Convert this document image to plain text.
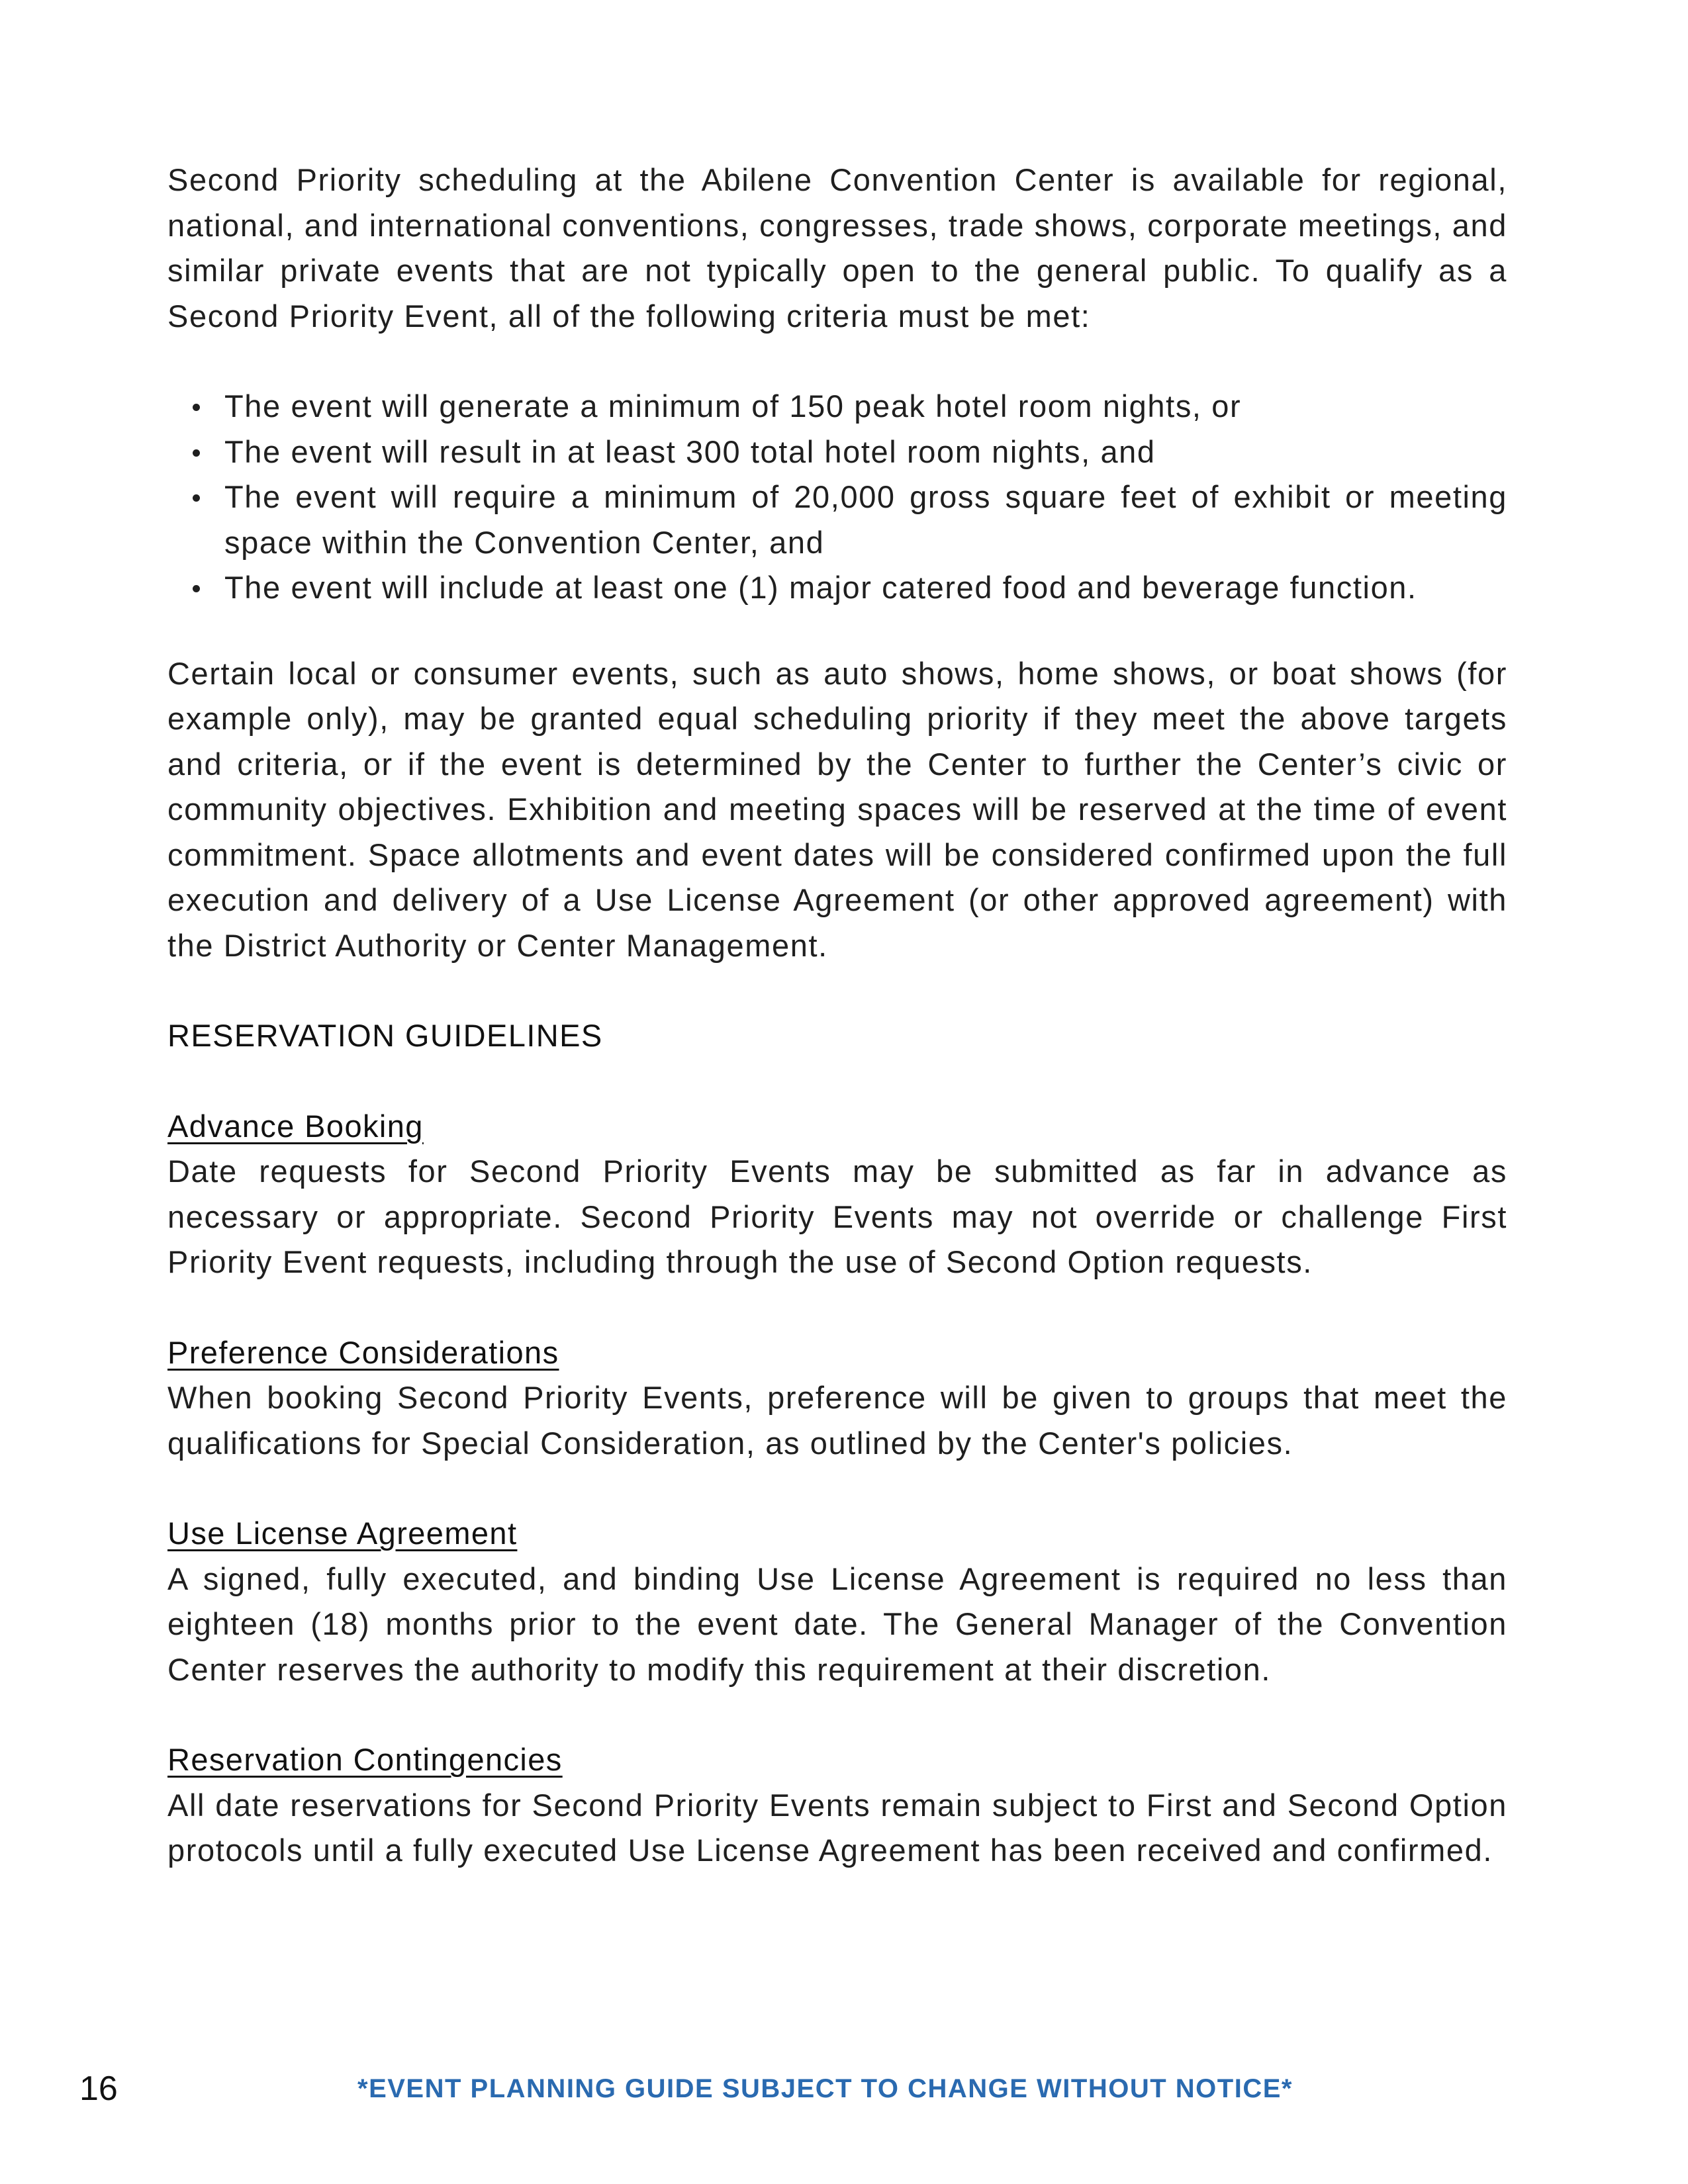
Second Priority scheduling at the Abilene Convention Center is available for regional, national, and international conventions, congresses, trade shows, corporate meetings, and similar private events that are not typically open to the general public. To qualify as a Second Priority Event, all of the following criteria must be met:

The event will generate a minimum of 150 peak hotel room nights, or
The event will result in at least 300 total hotel room nights, and
The event will require a minimum of 20,000 gross square feet of exhibit or meeting space within the Convention Center, and
The event will include at least one (1) major catered food and beverage function.

Certain local or consumer events, such as auto shows, home shows, or boat shows (for example only), may be granted equal scheduling priority if they meet the above targets and criteria, or if the event is determined by the Center to further the Center’s civic or community objectives. Exhibition and meeting spaces will be reserved at the time of event commitment. Space allotments and event dates will be considered confirmed upon the full execution and delivery of a Use License Agreement (or other approved agreement) with the District Authority or Center Management.

RESERVATION GUIDELINES
Advance Booking

Date requests for Second Priority Events may be submitted as far in advance as necessary or appropriate. Second Priority Events may not override or challenge First Priority Event requests, including through the use of Second Option requests.

Preference Considerations

When booking Second Priority Events, preference will be given to groups that meet the qualifications for Special Consideration, as outlined by the Center's policies.

Use License Agreement

A signed, fully executed, and binding Use License Agreement is required no less than eighteen (18) months prior to the event date. The General Manager of the Convention Center reserves the authority to modify this requirement at their discretion.

Reservation Contingencies

All date reservations for Second Priority Events remain subject to First and Second Option protocols until a fully executed Use License Agreement has been received and confirmed.

16	*EVENT PLANNING GUIDE SUBJECT TO CHANGE WITHOUT NOTICE*
